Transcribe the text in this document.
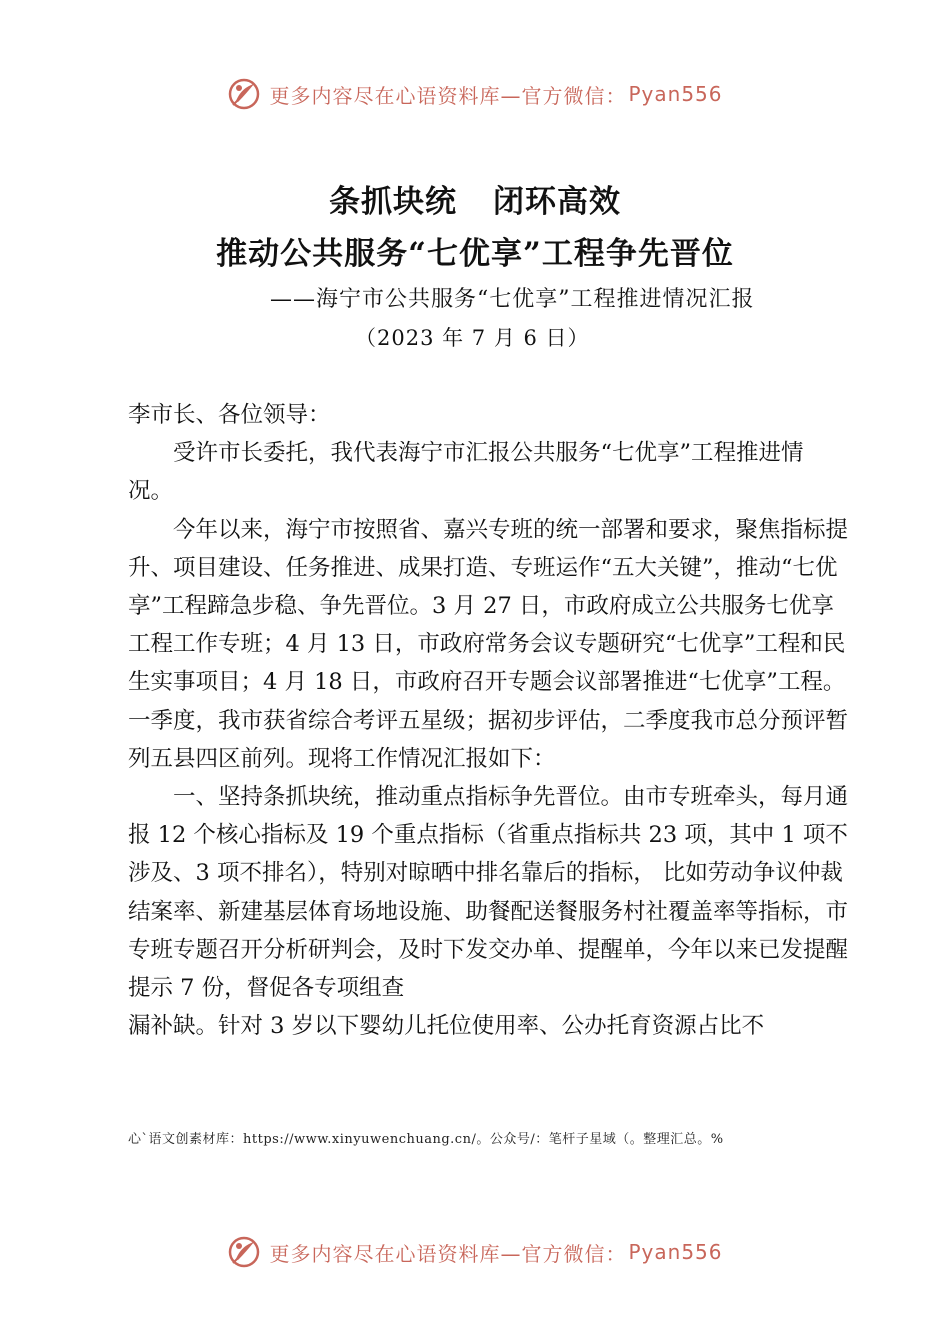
更多内容尽在心语资料库—官方微信： Pyan556
条抓块统 闭环高效
推动公共服务“七优享”工程争先晋位
——海宁市公共服务“七优享”工程推进情况汇报
（2023 年 7 月 6 日）

李市长、各位领导：

受许市长委托，我代表海宁市汇报公共服务“七优享”工程推进情况。

今年以来，海宁市按照省、嘉兴专班的统一部署和要求，聚焦指标提升、项目建设、任务推进、成果打造、专班运作“五大关键”，推动“七优享”工程蹄急步稳、争先晋位。3 月 27 日，市政府成立公共服务七优享工程工作专班；4 月 13 日，市政府常务会议专题研究“七优享”工程和民生实事项目；4 月 18 日，市政府召开专题会议部署推进“七优享”工程。一季度，我市获省综合考评五星级；据初步评估，二季度我市总分预评暂列五县四区前列。现将工作情况汇报如下：

一、坚持条抓块统，推动重点指标争先晋位。由市专班牵头，每月通报 12 个核心指标及 19 个重点指标（省重点指标共 23 项，其中 1 项不涉及、3 项不排名），特别对晾晒中排名靠后的指标， 比如劳动争议仲裁结案率、新建基层体育场地设施、助餐配送餐服务村社覆盖率等指标，市专班专题召开分析研判会，及时下发交办单、提醒单，今年以来已发提醒提示 7 份，督促各专项组查

漏补缺。针对 3 岁以下婴幼儿托位使用率、公办托育资源占比不

心`语文创素材库：https://www.xinyuwenchuang.cn/。公众号/：笔杆子星域（。整理汇总。%
更多内容尽在心语资料库—官方微信： Pyan556
